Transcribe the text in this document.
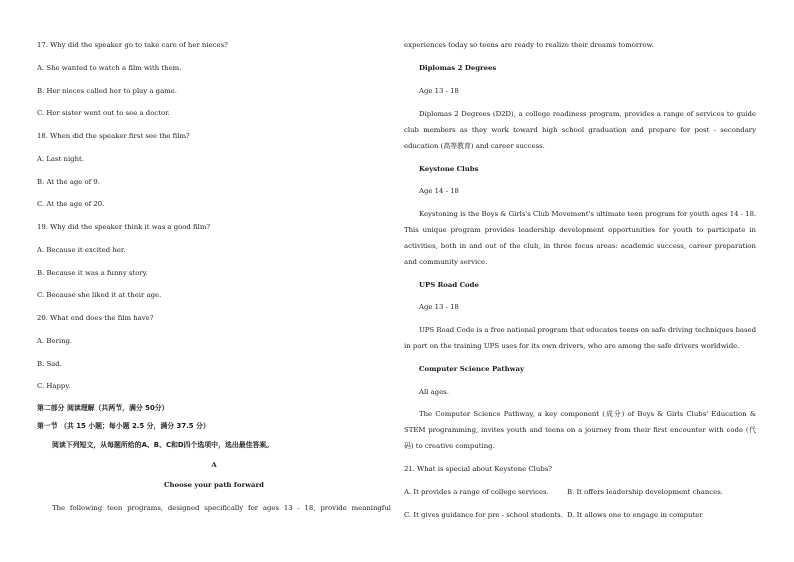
17. Why did the speaker go to take care of her nieces?
A. She wanted to watch a film with them.
B. Her nieces called her to play a game.
C. Her sister went out to see a doctor.
18. When did the speaker first see the film?
A. Last night.
B. At the age of 9.
C. At the age of 20.
19. Why did the speaker think it was a good film?
A. Because it excited her.
B. Because it was a funny story.
C. Because she liked it at their age.
20. What end does the film have?
A. Boring.
B. Sad.
C. Happy.
第二部分 阅读理解（共两节，满分 50分）
第一节 （共 15 小题；每小题 2.5 分，满分 37.5 分）
阅读下列短文，从每题所给的A、B、C和D四个选项中，选出最佳答案。
A
Choose your path forward
The following teen programs, designed specifically for ages 13 - 18, provide meaningful
experiences today so teens are ready to realize their dreams tomorrow.
Diplomas 2 Degrees
Age 13 - 18
Diplomas 2 Degrees (D2D), a college readiness program, provides a range of services to guide
club members as they work toward high school graduation and prepare for post - secondary
education (高等教育) and career success.
Keystone Clubs
Age 14 - 18
Keystoning is the Boys & Girls's Club Movement's ultimate teen program for youth ages 14 - 18.
This unique program provides leadership development opportunities for youth to participate in
activities, both in and out of the club, in three focus areas: academic success, career preparation
and community service.
UPS Road Code
Age 13 - 18
UPS Road Code is a free national program that educates teens on safe driving techniques based
in part on the training UPS uses for its own drivers, who are among the safe drivers worldwide.
Computer Science Pathway
All ages.
The Computer Science Pathway, a key component (成分) of Boys & Girls Clubs' Education &
STEM programming, invites youth and teens on a journey from their first encounter with code (代
码) to creative computing.
21. What is special about Keystone Clubs?
A. It provides a range of college services.	B. It offers leadership development chances.
C. It gives guidance for pre - school students. D. It allows one to engage in computer
